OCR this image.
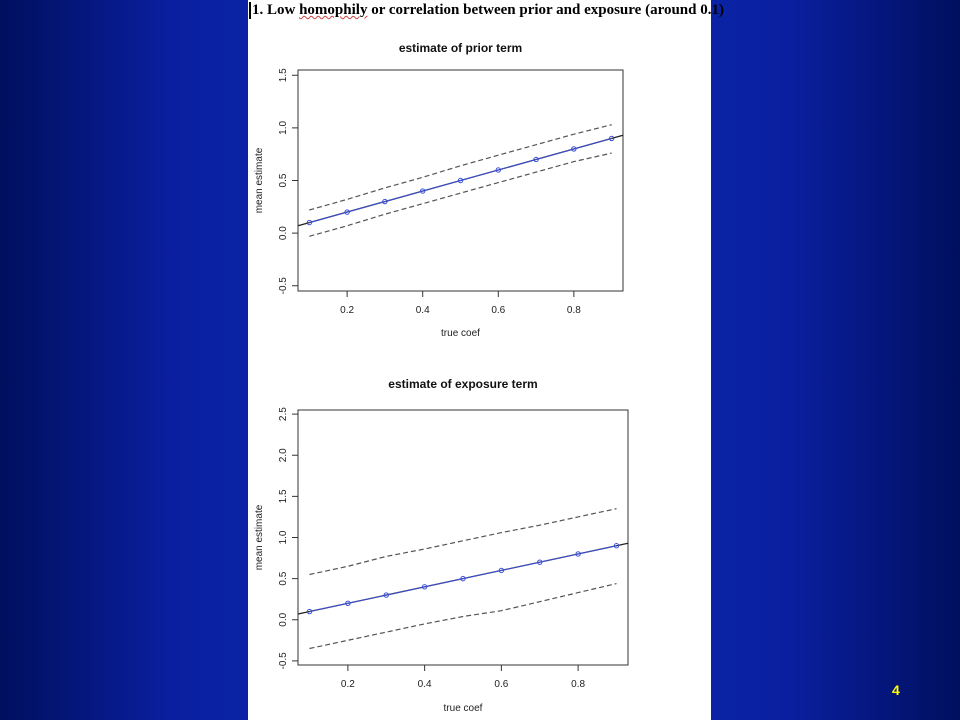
1. Low homophily or correlation between prior and exposure (around 0.1)
estimate of prior term
0.2	0.4	0.6	0.8
-0.5
0.0
0.5
1.0
1.5
true coef
mean estimate
estimate of exposure term
0.2	0.4	0.6	0.8
-0.5
0.0
0.5
1.0
1.5
2.0
2.5
true coef
mean estimate
4
